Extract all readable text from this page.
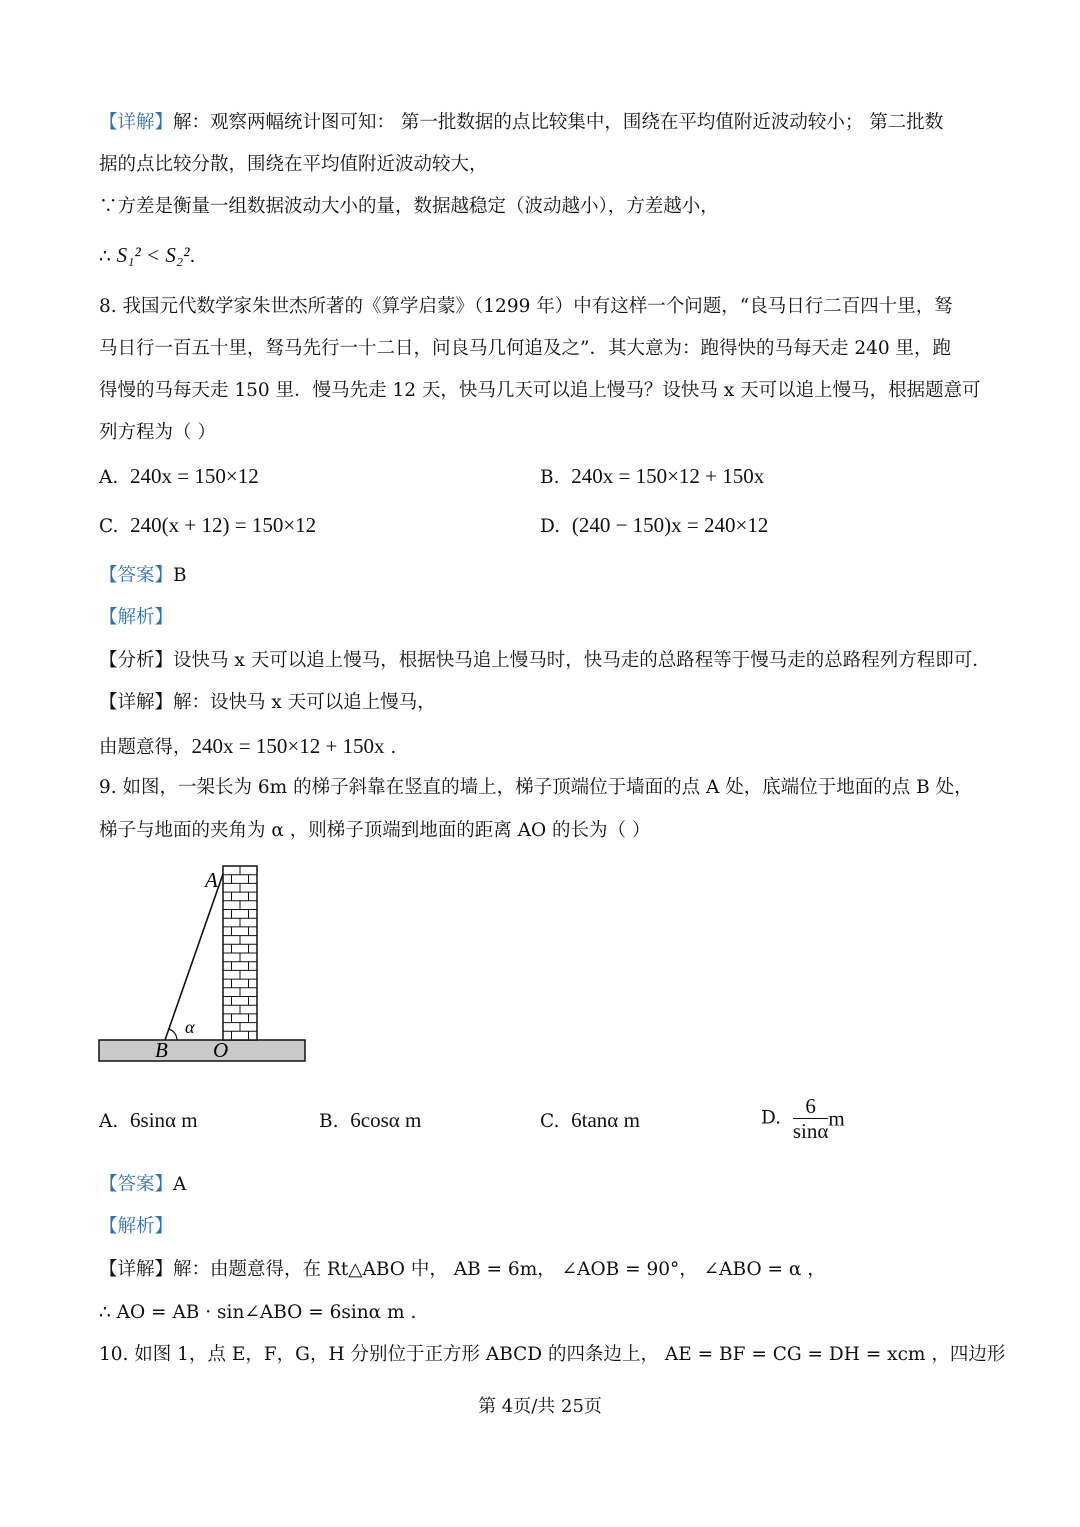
【详解】解：观察两幅统计图可知： 第一批数据的点比较集中，围绕在平均值附近波动较小； 第二批数
据的点比较分散，围绕在平均值附近波动较大，
∵方差是衡量一组数据波动大小的量，数据越稳定（波动越小），方差越小，
∴ S₁² < S₂².
8. 我国元代数学家朱世杰所著的《算学启蒙》（1299 年）中有这样一个问题，“良马日行二百四十里，驽
马日行一百五十里，驽马先行一十二日，问良马几何追及之”．其大意为：跑得快的马每天走 240 里，跑
得慢的马每天走 150 里．慢马先走 12 天，快马几天可以追上慢马？设快马 x 天可以追上慢马，根据题意可
列方程为（ ）
A. 240x = 150×12	B. 240x = 150×12 + 150x
C. 240(x + 12) = 150×12	D. (240 − 150)x = 240×12
【答案】B
【解析】
【分析】设快马 x 天可以追上慢马，根据快马追上慢马时，快马走的总路程等于慢马走的总路程列方程即可．
【详解】解：设快马 x 天可以追上慢马，
由题意得，240x = 150×12 + 150x .
9. 如图，一架长为 6m 的梯子斜靠在竖直的墙上，梯子顶端位于墙面的点 A 处，底端位于地面的点 B 处，
梯子与地面的夹角为 α ，则梯子顶端到地面的距离 AO 的长为（ ）
A
α
B O
A. 6sinα m	B. 6cosα m	C. 6tanα m	D. $\frac{6}{\sin\alpha}$ m
【答案】A
【解析】
【详解】解：由题意得，在 Rt△ABO 中， AB = 6m， ∠AOB = 90°， ∠ABO = α ，
∴ AO = AB · sin∠ABO = 6sinα m .
10. 如图 1，点 E，F，G，H 分别位于正方形 ABCD 的四条边上， AE = BF = CG = DH = xcm ，四边形
第 4页/共 25页
